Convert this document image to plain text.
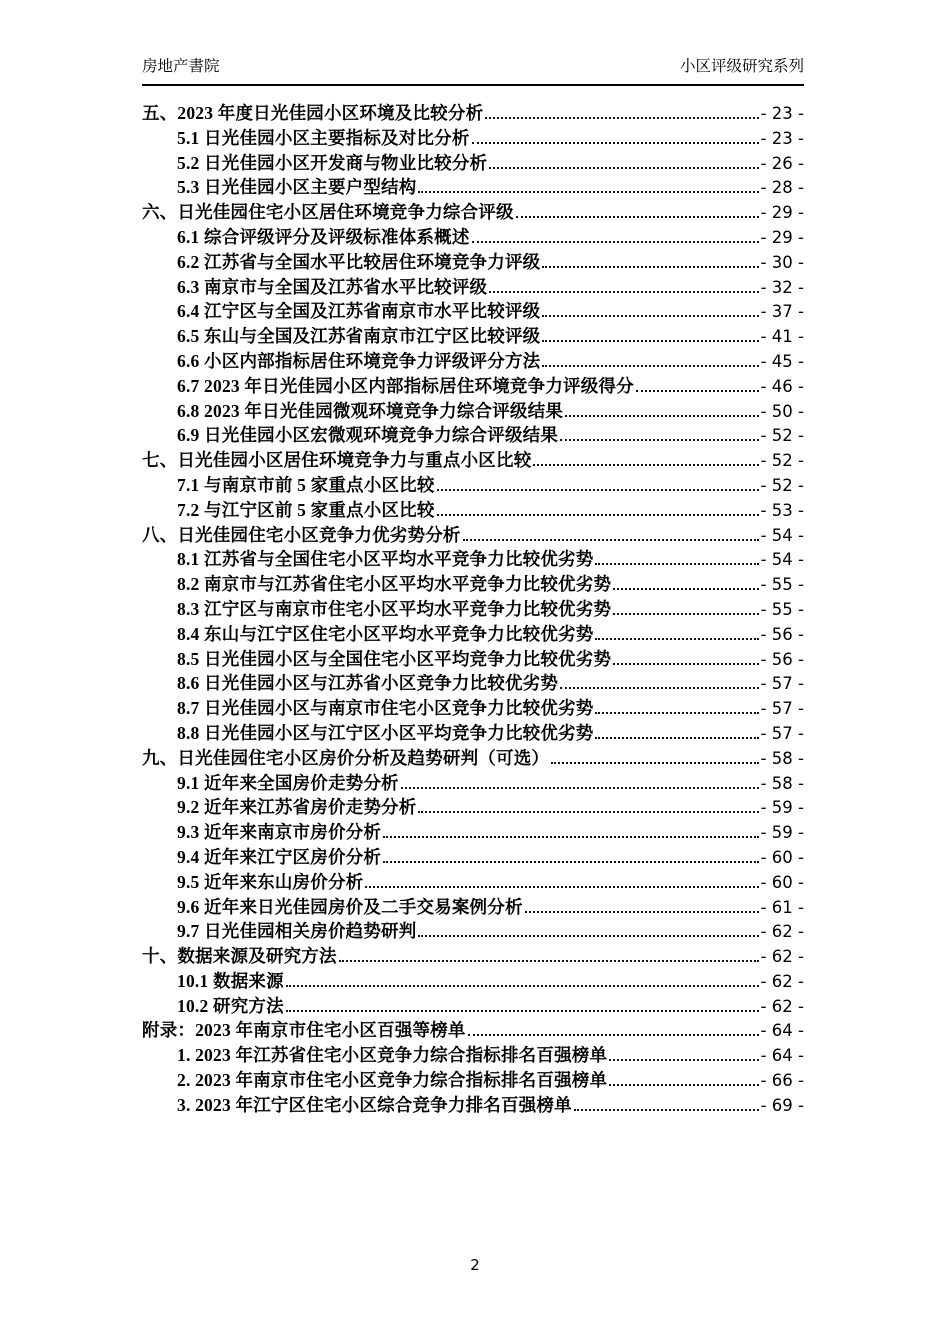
房地产書院	小区评级研究系列
五、2023 年度日光佳园小区环境及比较分析	- 23 -
5.1 日光佳园小区主要指标及对比分析	- 23 -
5.2 日光佳园小区开发商与物业比较分析	- 26 -
5.3 日光佳园小区主要户型结构	- 28 -
六、日光佳园住宅小区居住环境竞争力综合评级	- 29 -
6.1 综合评级评分及评级标准体系概述	- 29 -
6.2 江苏省与全国水平比较居住环境竞争力评级	- 30 -
6.3 南京市与全国及江苏省水平比较评级	- 32 -
6.4 江宁区与全国及江苏省南京市水平比较评级	- 37 -
6.5 东山与全国及江苏省南京市江宁区比较评级	- 41 -
6.6 小区内部指标居住环境竞争力评级评分方法	- 45 -
6.7 2023 年日光佳园小区内部指标居住环境竞争力评级得分	- 46 -
6.8 2023 年日光佳园微观环境竞争力综合评级结果	- 50 -
6.9 日光佳园小区宏微观环境竞争力综合评级结果	- 52 -
七、日光佳园小区居住环境竞争力与重点小区比较	- 52 -
7.1 与南京市前 5 家重点小区比较	- 52 -
7.2 与江宁区前 5 家重点小区比较	- 53 -
八、日光佳园住宅小区竞争力优劣势分析	- 54 -
8.1 江苏省与全国住宅小区平均水平竞争力比较优劣势	- 54 -
8.2 南京市与江苏省住宅小区平均水平竞争力比较优劣势	- 55 -
8.3 江宁区与南京市住宅小区平均水平竞争力比较优劣势	- 55 -
8.4 东山与江宁区住宅小区平均水平竞争力比较优劣势	- 56 -
8.5 日光佳园小区与全国住宅小区平均竞争力比较优劣势	- 56 -
8.6 日光佳园小区与江苏省小区竞争力比较优劣势	- 57 -
8.7 日光佳园小区与南京市住宅小区竞争力比较优劣势	- 57 -
8.8 日光佳园小区与江宁区小区平均竞争力比较优劣势	- 57 -
九、日光佳园住宅小区房价分析及趋势研判（可选）	- 58 -
9.1 近年来全国房价走势分析	- 58 -
9.2 近年来江苏省房价走势分析	- 59 -
9.3 近年来南京市房价分析	- 59 -
9.4 近年来江宁区房价分析	- 60 -
9.5 近年来东山房价分析	- 60 -
9.6 近年来日光佳园房价及二手交易案例分析	- 61 -
9.7 日光佳园相关房价趋势研判	- 62 -
十、数据来源及研究方法	- 62 -
10.1 数据来源	- 62 -
10.2 研究方法	- 62 -
附录：2023 年南京市住宅小区百强等榜单	- 64 -
1. 2023 年江苏省住宅小区竞争力综合指标排名百强榜单	- 64 -
2. 2023 年南京市住宅小区竞争力综合指标排名百强榜单	- 66 -
3. 2023 年江宁区住宅小区综合竞争力排名百强榜单	- 69 -
2
